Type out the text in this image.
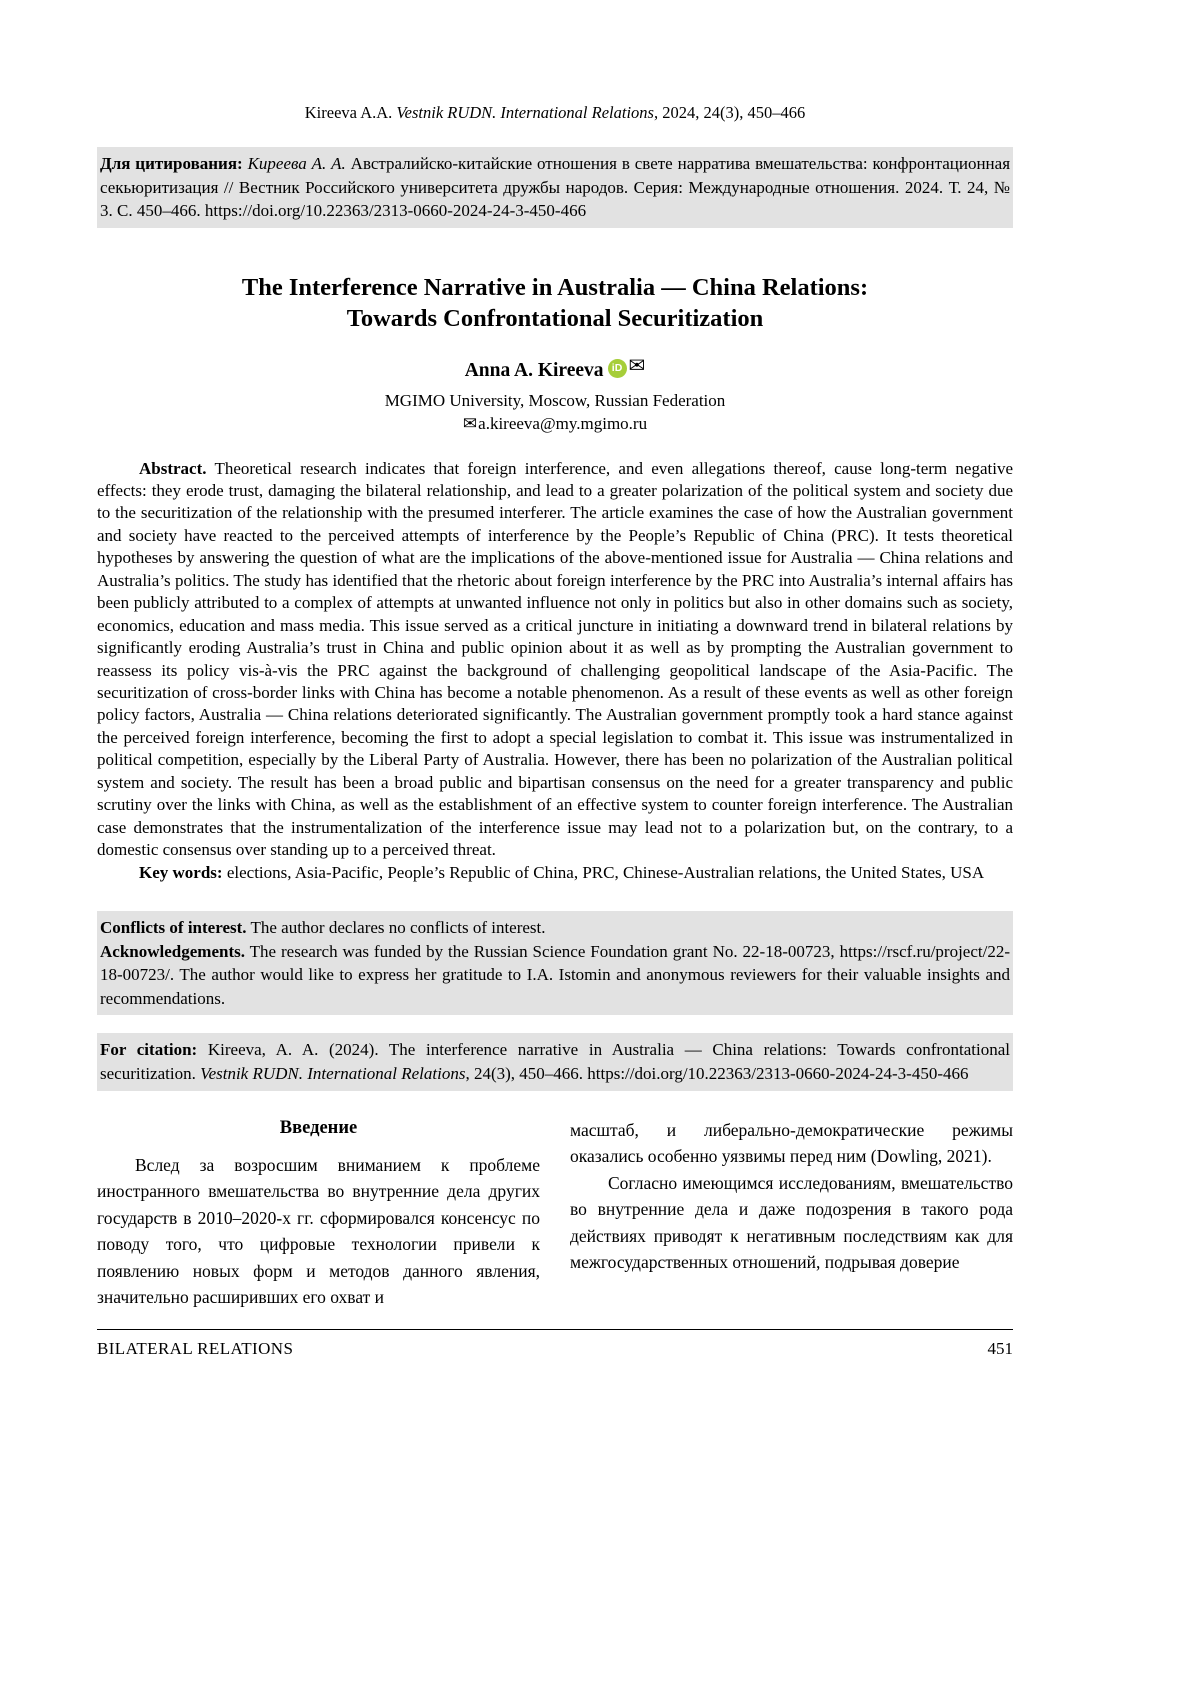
Kireeva A.A. Vestnik RUDN. International Relations, 2024, 24(3), 450–466

Для цитирования: Киреева А. А. Австралийско-китайские отношения в свете нарратива вмешательства: конфронтационная секьюритизация // Вестник Российского университета дружбы народов. Серия: Международные отношения. 2024. Т. 24, № 3. С. 450–466. https://doi.org/10.22363/2313-0660-2024-24-3-450-466

The Interference Narrative in Australia — China Relations:
Towards Confrontational Securitization
Anna A. Kireeva iD ✉
MGIMO University, Moscow, Russian Federation
✉a.kireeva@my.mgimo.ru

Abstract. Theoretical research indicates that foreign interference, and even allegations thereof, cause long-term negative effects: they erode trust, damaging the bilateral relationship, and lead to a greater polarization of the political system and society due to the securitization of the relationship with the presumed interferer. The article examines the case of how the Australian government and society have reacted to the perceived attempts of interference by the People’s Republic of China (PRC). It tests theoretical hypotheses by answering the question of what are the implications of the above-mentioned issue for Australia — China relations and Australia’s politics. The study has identified that the rhetoric about foreign interference by the PRC into Australia’s internal affairs has been publicly attributed to a complex of attempts at unwanted influence not only in politics but also in other domains such as society, economics, education and mass media. This issue served as a critical juncture in initiating a downward trend in bilateral relations by significantly eroding Australia’s trust in China and public opinion about it as well as by prompting the Australian government to reassess its policy vis-à-vis the PRC against the background of challenging geopolitical landscape of the Asia-Pacific. The securitization of cross-border links with China has become a notable phenomenon. As a result of these events as well as other foreign policy factors, Australia — China relations deteriorated significantly. The Australian government promptly took a hard stance against the perceived foreign interference, becoming the first to adopt a special legislation to combat it. This issue was instrumentalized in political competition, especially by the Liberal Party of Australia. However, there has been no polarization of the Australian political system and society. The result has been a broad public and bipartisan consensus on the need for a greater transparency and public scrutiny over the links with China, as well as the establishment of an effective system to counter foreign interference. The Australian case demonstrates that the instrumentalization of the interference issue may lead not to a polarization but, on the contrary, to a domestic consensus over standing up to a perceived threat.

Key words: elections, Asia-Pacific, People’s Republic of China, PRC, Chinese-Australian relations, the United States, USA

Conflicts of interest. The author declares no conflicts of interest.

Acknowledgements. The research was funded by the Russian Science Foundation grant No. 22-18-00723, https://rscf.ru/project/22-18-00723/. The author would like to express her gratitude to I.A. Istomin and anonymous reviewers for their valuable insights and recommendations.

For citation: Kireeva, A. A. (2024). The interference narrative in Australia — China relations: Towards confrontational securitization. Vestnik RUDN. International Relations, 24(3), 450–466. https://doi.org/10.22363/2313-0660-2024-24-3-450-466

Введение

Вслед за возросшим вниманием к проблеме иностранного вмешательства во внутренние дела других государств в 2010–2020-х гг. сформировался консенсус по поводу того, что цифровые технологии привели к появлению новых форм и методов данного явления, значительно расширивших его охват и

масштаб, и либерально-демократические режимы оказались особенно уязвимы перед ним (Dowling, 2021).

Согласно имеющимся исследованиям, вмешательство во внутренние дела и даже подозрения в такого рода действиях приводят к негативным последствиям как для межгосударственных отношений, подрывая доверие

BILATERAL RELATIONS	451
